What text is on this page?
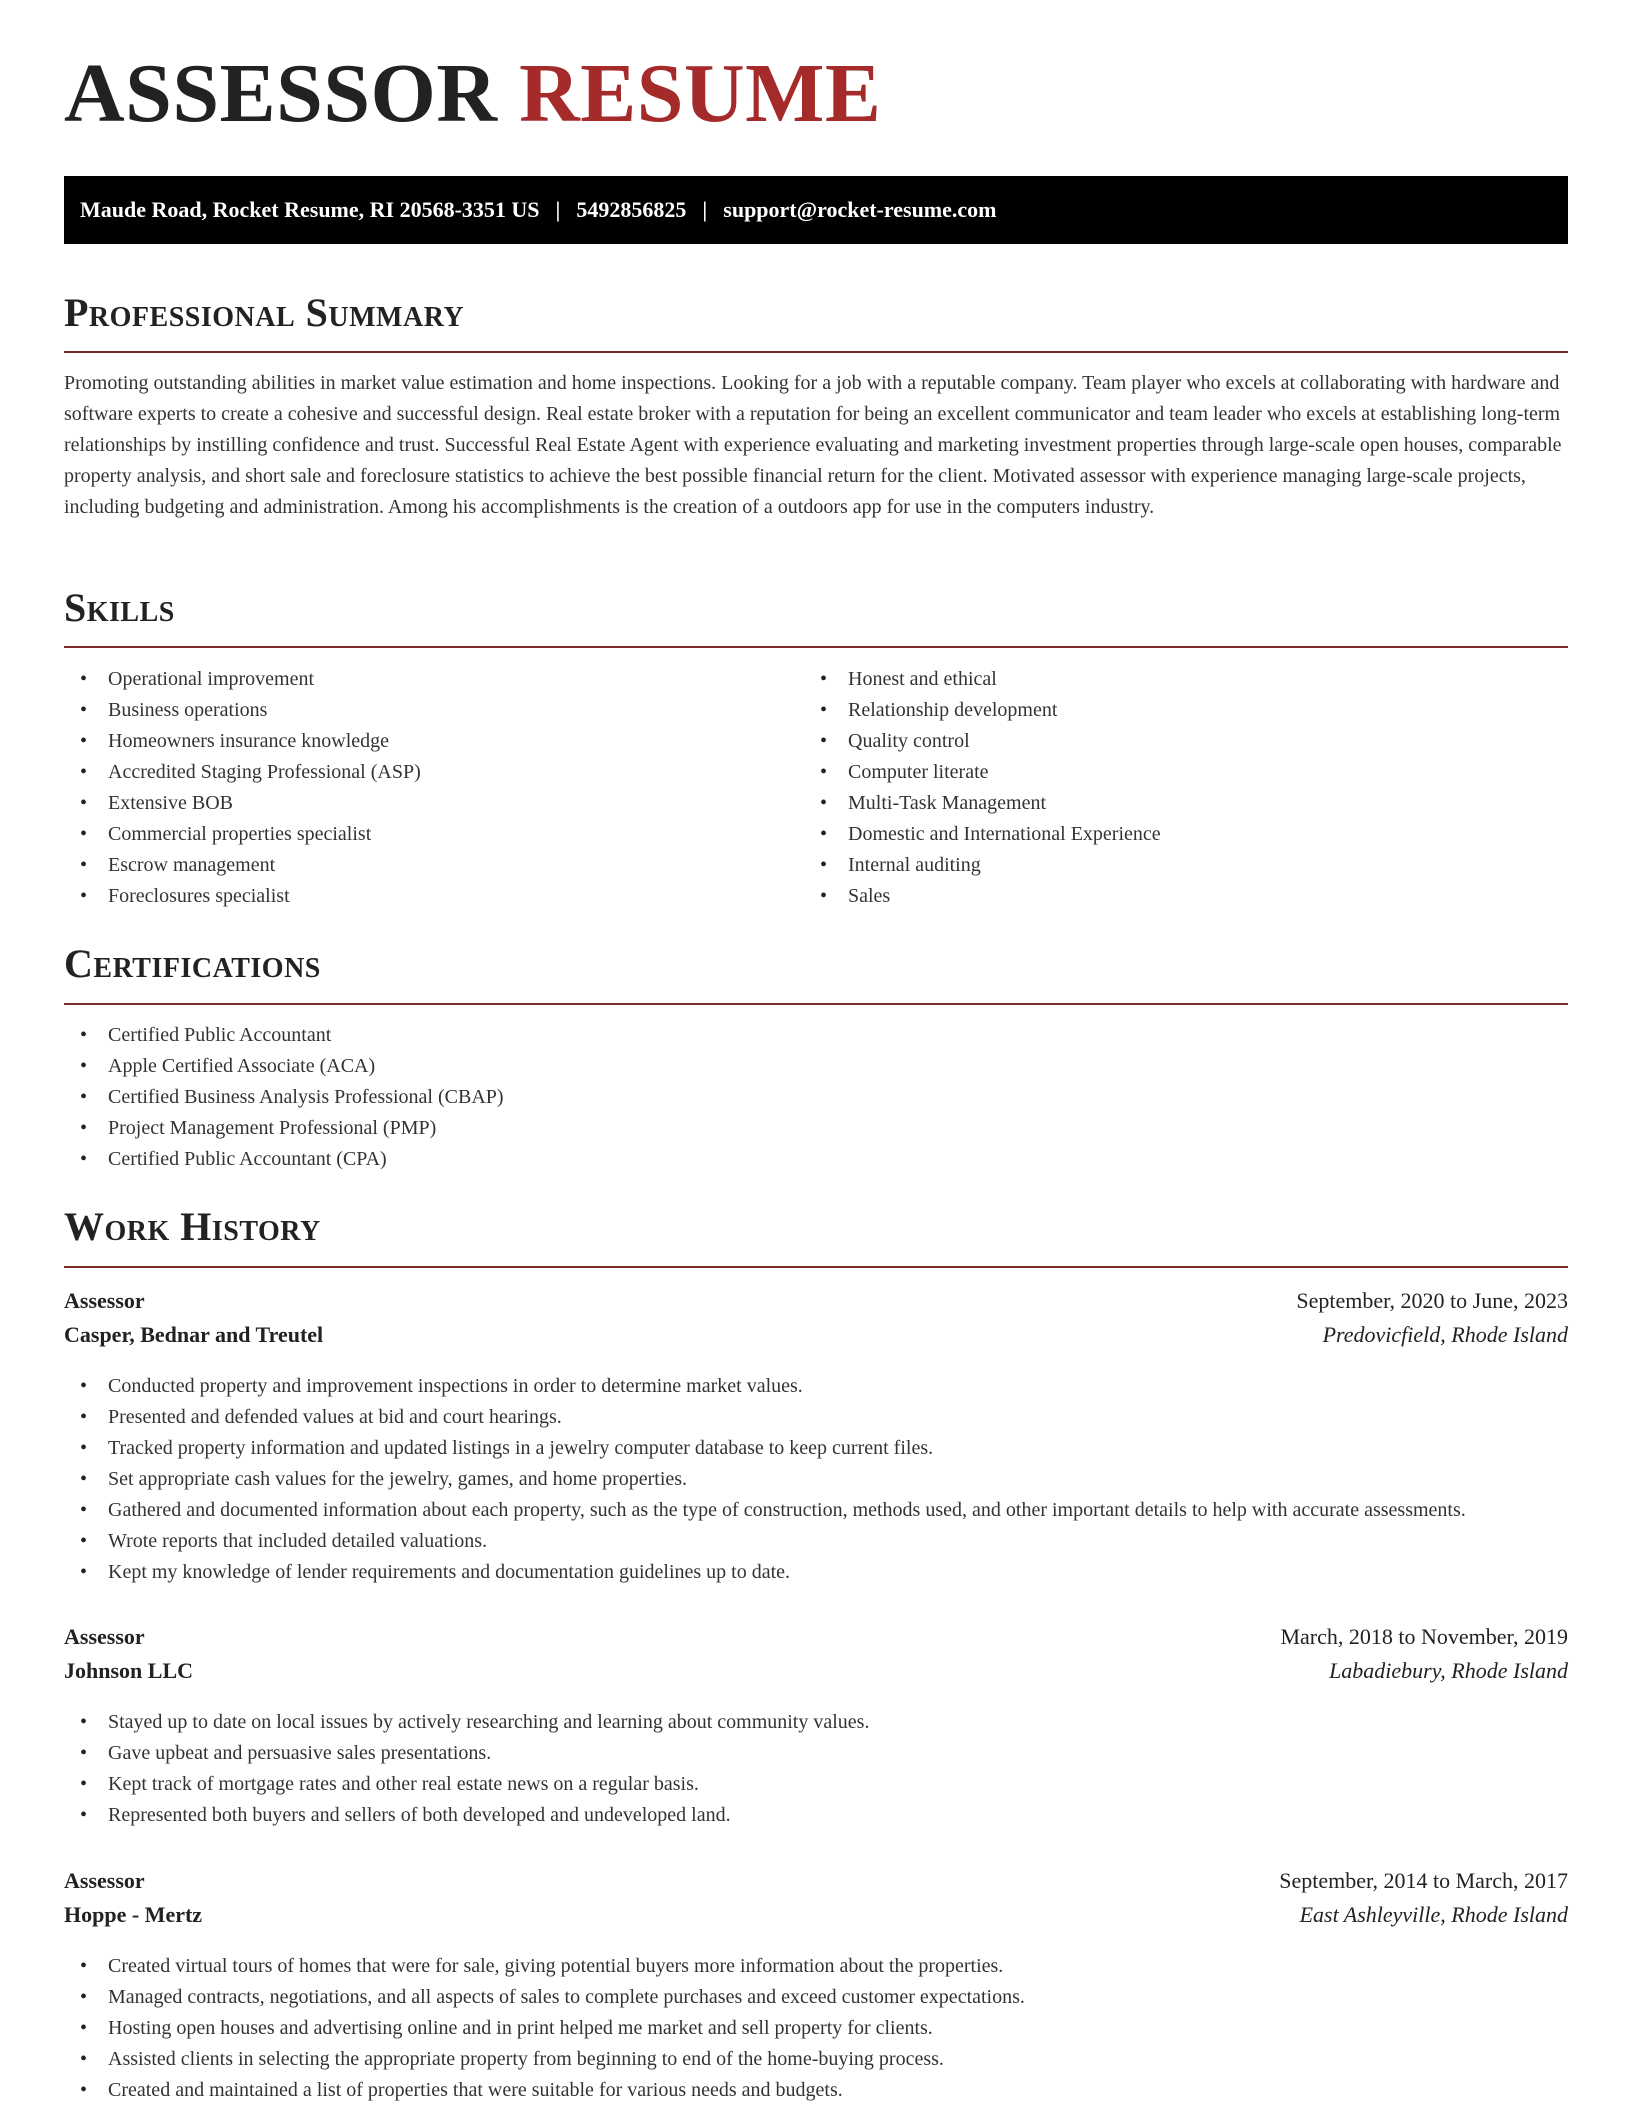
ASSESSOR RESUME
Maude Road, Rocket Resume, RI 20568-3351 US | 5492856825 | support@rocket-resume.com
Professional Summary
Promoting outstanding abilities in market value estimation and home inspections. Looking for a job with a reputable company. Team player who excels at collaborating with hardware and software experts to create a cohesive and successful design. Real estate broker with a reputation for being an excellent communicator and team leader who excels at establishing long-term relationships by instilling confidence and trust. Successful Real Estate Agent with experience evaluating and marketing investment properties through large-scale open houses, comparable property analysis, and short sale and foreclosure statistics to achieve the best possible financial return for the client. Motivated assessor with experience managing large-scale projects, including budgeting and administration. Among his accomplishments is the creation of a outdoors app for use in the computers industry.
Skills
• Operational improvement
• Business operations
• Homeowners insurance knowledge
• Accredited Staging Professional (ASP)
• Extensive BOB
• Commercial properties specialist
• Escrow management
• Foreclosures specialist
• Honest and ethical
• Relationship development
• Quality control
• Computer literate
• Multi-Task Management
• Domestic and International Experience
• Internal auditing
• Sales
Certifications
• Certified Public Accountant
• Apple Certified Associate (ACA)
• Certified Business Analysis Professional (CBAP)
• Project Management Professional (PMP)
• Certified Public Accountant (CPA)
Work History
Assessor	September, 2020 to June, 2023
Casper, Bednar and Treutel	Predovicfield, Rhode Island
• Conducted property and improvement inspections in order to determine market values.
• Presented and defended values at bid and court hearings.
• Tracked property information and updated listings in a jewelry computer database to keep current files.
• Set appropriate cash values for the jewelry, games, and home properties.
• Gathered and documented information about each property, such as the type of construction, methods used, and other important details to help with accurate assessments.
• Wrote reports that included detailed valuations.
• Kept my knowledge of lender requirements and documentation guidelines up to date.
Assessor	March, 2018 to November, 2019
Johnson LLC	Labadiebury, Rhode Island
• Stayed up to date on local issues by actively researching and learning about community values.
• Gave upbeat and persuasive sales presentations.
• Kept track of mortgage rates and other real estate news on a regular basis.
• Represented both buyers and sellers of both developed and undeveloped land.
Assessor	September, 2014 to March, 2017
Hoppe - Mertz	East Ashleyville, Rhode Island
• Created virtual tours of homes that were for sale, giving potential buyers more information about the properties.
• Managed contracts, negotiations, and all aspects of sales to complete purchases and exceed customer expectations.
• Hosting open houses and advertising online and in print helped me market and sell property for clients.
• Assisted clients in selecting the appropriate property from beginning to end of the home-buying process.
• Created and maintained a list of properties that were suitable for various needs and budgets.
